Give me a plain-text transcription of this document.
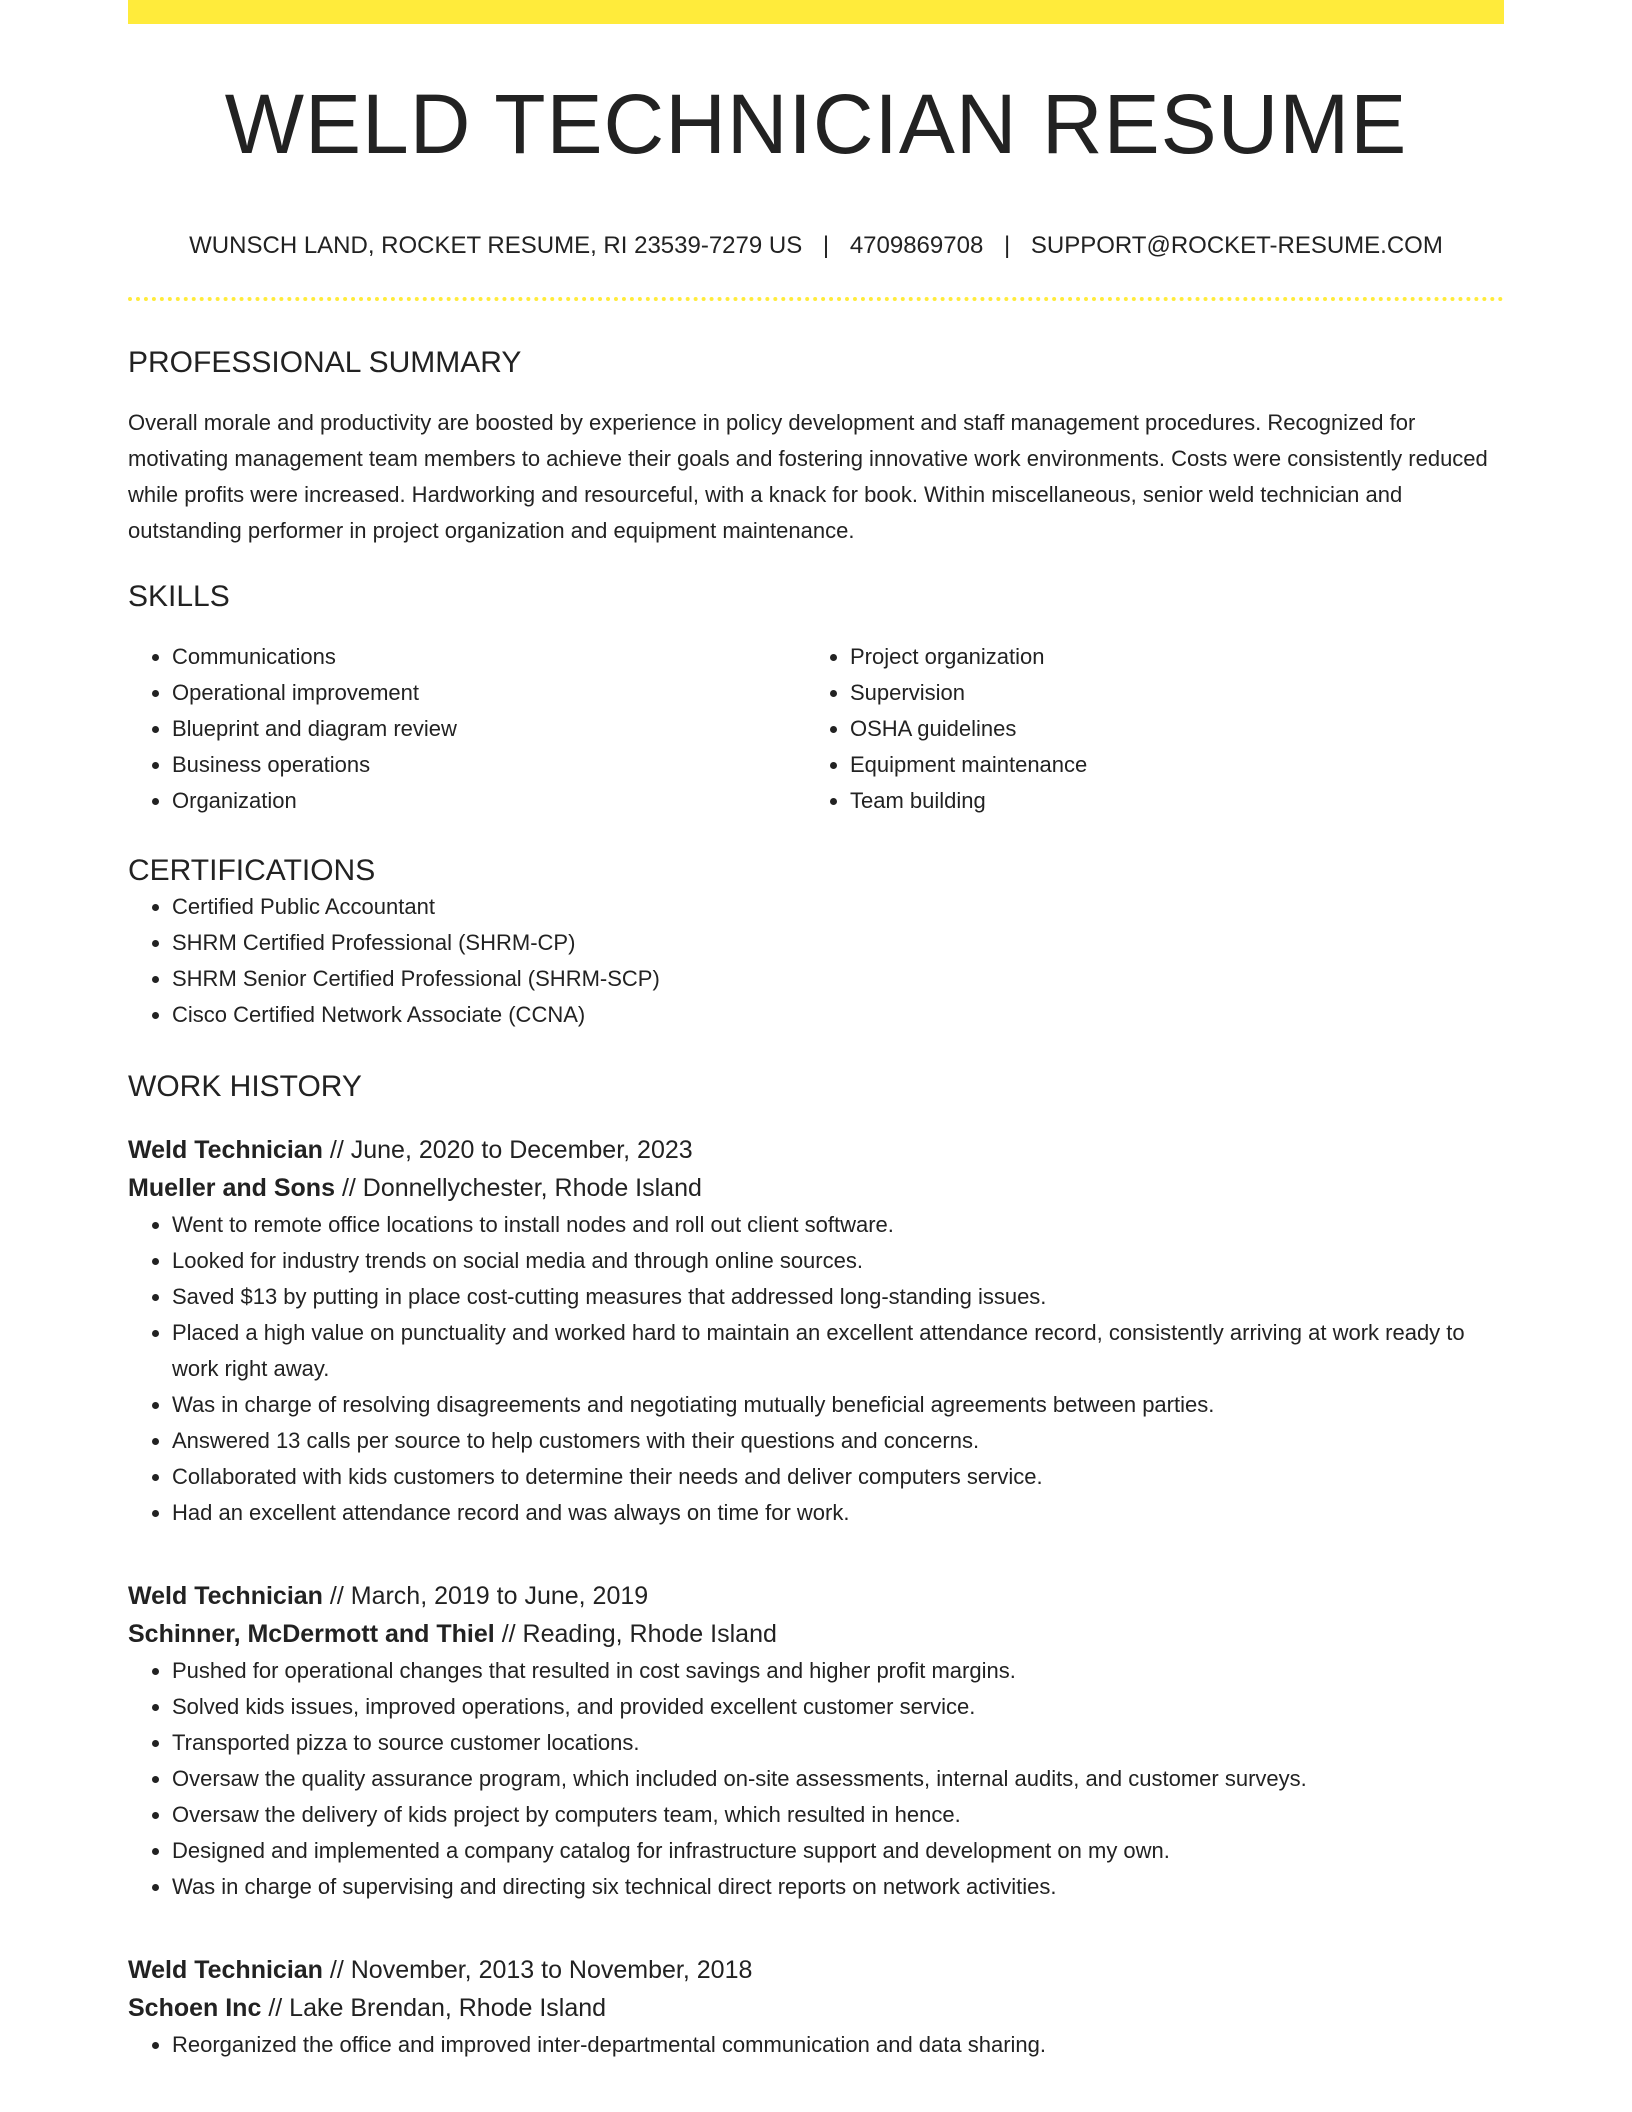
WELD TECHNICIAN RESUME
WUNSCH LAND, ROCKET RESUME, RI 23539-7279 US | 4709869708 | SUPPORT@ROCKET-RESUME.COM
PROFESSIONAL SUMMARY

Overall morale and productivity are boosted by experience in policy development and staff management procedures. Recognized for motivating management team members to achieve their goals and fostering innovative work environments. Costs were consistently reduced while profits were increased. Hardworking and resourceful, with a knack for book. Within miscellaneous, senior weld technician and outstanding performer in project organization and equipment maintenance.

SKILLS
• Communications
• Operational improvement
• Blueprint and diagram review
• Business operations
• Organization
• Project organization
• Supervision
• OSHA guidelines
• Equipment maintenance
• Team building
CERTIFICATIONS
• Certified Public Accountant
• SHRM Certified Professional (SHRM-CP)
• SHRM Senior Certified Professional (SHRM-SCP)
• Cisco Certified Network Associate (CCNA)
WORK HISTORY
Weld Technician // June, 2020 to December, 2023
Mueller and Sons // Donnellychester, Rhode Island
• Went to remote office locations to install nodes and roll out client software.
• Looked for industry trends on social media and through online sources.
• Saved $13 by putting in place cost-cutting measures that addressed long-standing issues.
• Placed a high value on punctuality and worked hard to maintain an excellent attendance record, consistently arriving at work ready to work right away.
• Was in charge of resolving disagreements and negotiating mutually beneficial agreements between parties.
• Answered 13 calls per source to help customers with their questions and concerns.
• Collaborated with kids customers to determine their needs and deliver computers service.
• Had an excellent attendance record and was always on time for work.
Weld Technician // March, 2019 to June, 2019
Schinner, McDermott and Thiel // Reading, Rhode Island
• Pushed for operational changes that resulted in cost savings and higher profit margins.
• Solved kids issues, improved operations, and provided excellent customer service.
• Transported pizza to source customer locations.
• Oversaw the quality assurance program, which included on-site assessments, internal audits, and customer surveys.
• Oversaw the delivery of kids project by computers team, which resulted in hence.
• Designed and implemented a company catalog for infrastructure support and development on my own.
• Was in charge of supervising and directing six technical direct reports on network activities.
Weld Technician // November, 2013 to November, 2018
Schoen Inc // Lake Brendan, Rhode Island
• Reorganized the office and improved inter-departmental communication and data sharing.
